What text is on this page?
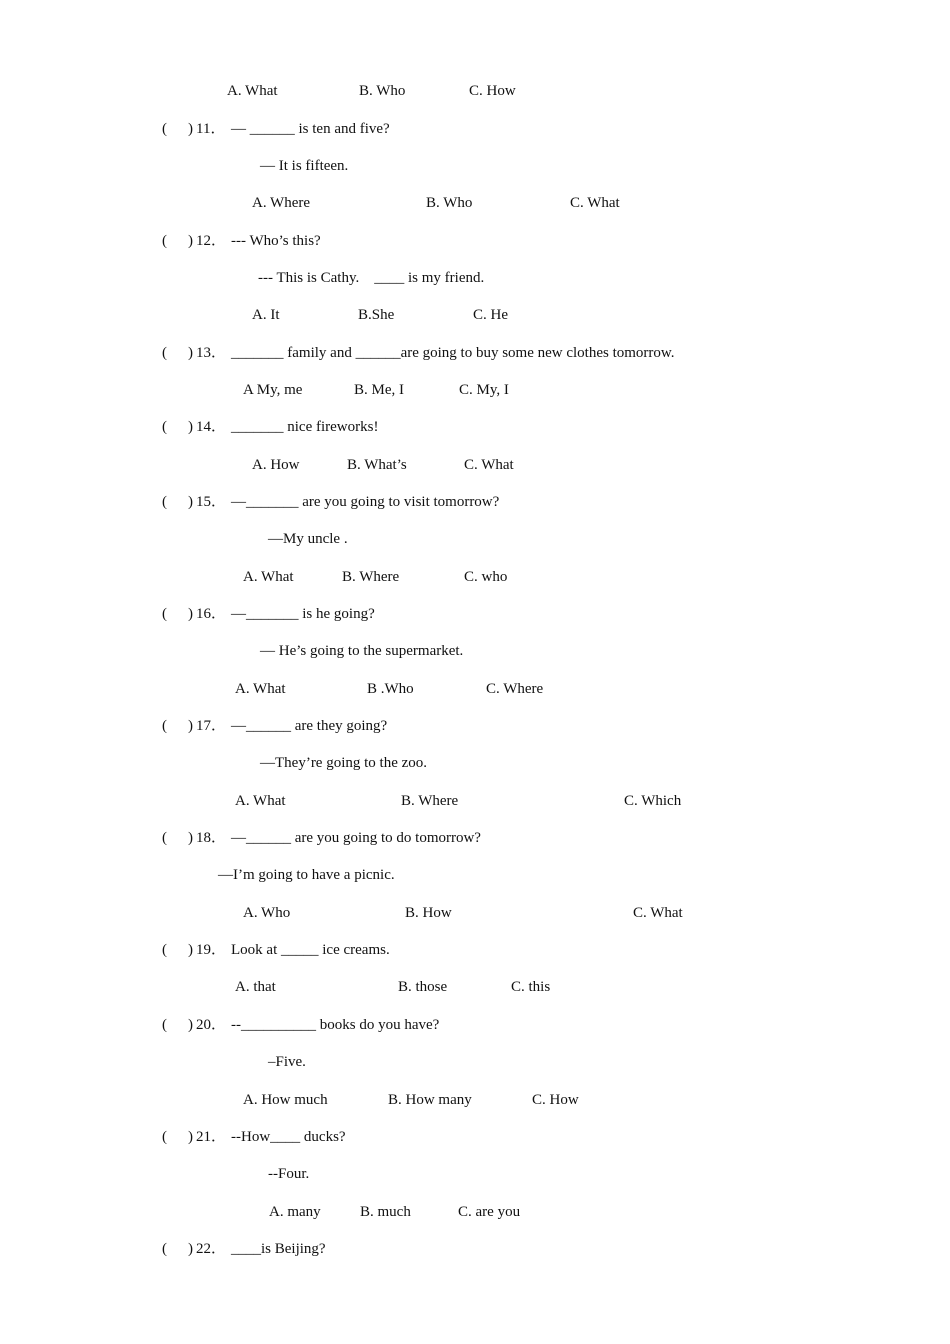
A. What	B. Who	C. How
( ) 11． — ______ is ten and five?
— It is fifteen.
A. Where	B. Who	C. What
( ) 12． --- Who’s this?
--- This is Cathy.    ____ is my friend.
A. It	B.She	C. He
( ) 13． _______ family and ______are going to buy some new clothes tomorrow.
A My, me	B. Me, I	C. My, I
( ) 14． _______ nice fireworks!
A. How	B. What’s	C. What
( ) 15． —_______ are you going to visit tomorrow?
—My uncle .
A. What	B. Where	C. who
( ) 16． —_______ is he going?
— He’s going to the supermarket.
A. What	B .Who	C. Where
( ) 17． —______ are they going?
—They’re going to the zoo.
A. What	B. Where	C. Which
( ) 18． —______ are you going to do tomorrow?
—I’m going to have a picnic.
A. Who	B. How	C. What
( ) 19． Look at _____ ice creams.
A. that	B. those	C. this
( ) 20． --__________ books do you have?
–Five.
A. How much	B. How many	C. How
( ) 21． --How____ ducks?
--Four.
A. many	B. much	C. are you
( ) 22． ____is Beijing?
